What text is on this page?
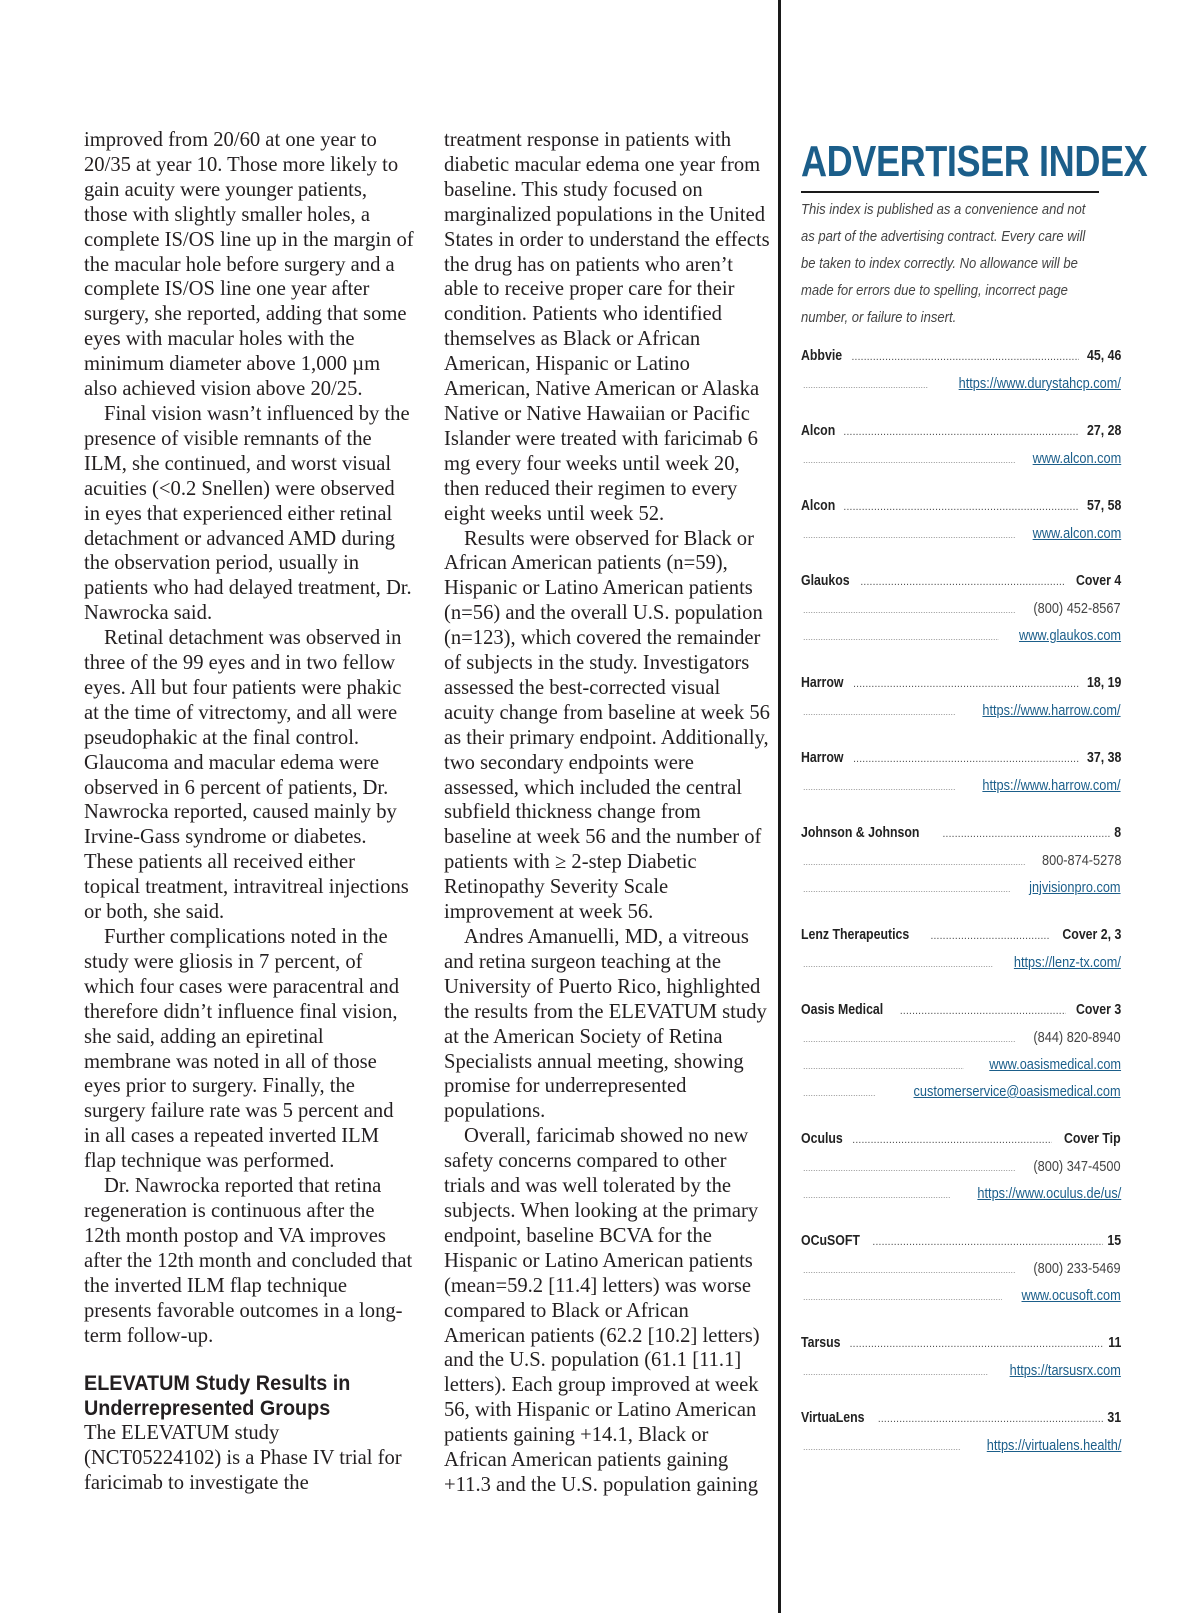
improved from 20/60 at one year to 20/35 at year 10. Those more likely to gain acuity were younger patients, those with slightly smaller holes, a complete IS/OS line up in the margin of the macular hole before surgery and a complete IS/OS line one year after surgery, she reported, adding that some eyes with macular holes with the minimum diameter above 1,000 µm also achieved vision above 20/25.

Final vision wasn’t influenced by the presence of visible remnants of the ILM, she continued, and worst visual acuities (<0.2 Snellen) were observed in eyes that experienced either retinal detachment or advanced AMD during the observation period, usually in patients who had delayed treatment, Dr. Nawrocka said.

Retinal detachment was observed in three of the 99 eyes and in two fellow eyes. All but four patients were phakic at the time of vitrectomy, and all were pseudophakic at the final control. Glaucoma and macular edema were observed in 6 percent of patients, Dr. Nawrocka reported, caused mainly by Irvine-Gass syndrome or diabetes. These patients all received either topical treatment, intravitreal injections or both, she said.

Further complications noted in the study were gliosis in 7 percent, of which four cases were paracentral and therefore didn’t influence final vision, she said, adding an epiretinal membrane was noted in all of those eyes prior to surgery. Finally, the surgery failure rate was 5 percent and in all cases a repeated inverted ILM flap technique was performed.

Dr. Nawrocka reported that retina regeneration is continuous after the 12th month postop and VA improves after the 12th month and concluded that the inverted ILM flap technique presents favorable outcomes in a long-term follow-up.

ELEVATUM Study Results in
Underrepresented Groups

The ELEVATUM study (NCT05224102) is a Phase IV trial for faricimab to investigate the

treatment response in patients with diabetic macular edema one year from baseline. This study focused on marginalized populations in the United States in order to understand the effects the drug has on patients who aren’t able to receive proper care for their condition. Patients who identified themselves as Black or African American, Hispanic or Latino American, Native American or Alaska Native or Native Hawaiian or Pacific Islander were treated with faricimab 6 mg every four weeks until week 20, then reduced their regimen to every eight weeks until week 52.

Results were observed for Black or African American patients (n=59), Hispanic or Latino American patients (n=56) and the overall U.S. population (n=123), which covered the remainder of subjects in the study. Investigators assessed the best-corrected visual acuity change from baseline at week 56 as their primary endpoint. Additionally, two secondary endpoints were assessed, which included the central subfield thickness change from baseline at week 56 and the number of patients with ≥ 2-step Diabetic Retinopathy Severity Scale improvement at week 56.

Andres Amanuelli, MD, a vitreous and retina surgeon teaching at the University of Puerto Rico, highlighted the results from the ELEVATUM study at the American Society of Retina Specialists annual meeting, showing promise for underrepresented populations.

Overall, faricimab showed no new safety concerns compared to other trials and was well tolerated by the subjects. When looking at the primary endpoint, baseline BCVA for the Hispanic or Latino American patients (mean=59.2 [11.4] letters) was worse compared to Black or African American patients (62.2 [10.2] letters) and the U.S. population (61.1 [11.1] letters). Each group improved at week 56, with Hispanic or Latino American patients gaining +14.1, Black or African American patients gaining +11.3 and the U.S. population gaining

ADVERTISER INDEX
This index is published as a convenience and not as part of the advertising contract. Every care will be taken to index correctly. No allowance will be made for errors due to spelling, incorrect page number, or failure to insert.
Abbvie .....	45, 46
.....
https://www.durystahcp.com/
Alcon .....	27, 28
.....
www.alcon.com
Alcon .....	57, 58
.....
www.alcon.com
Glaukos .....	Cover 4
.....
(800) 452-8567
.....
www.glaukos.com
Harrow .....	18, 19
.....
https://www.harrow.com/
Harrow .....	37, 38
.....
https://www.harrow.com/
Johnson & Johnson .....	8
.....
800-874-5278
.....
jnjvisionpro.com
Lenz Therapeutics .....	Cover 2, 3
.....
https://lenz-tx.com/
Oasis Medical .....	Cover 3
.....
(844) 820-8940
.....
www.oasismedical.com
.....
customerservice@oasismedical.com
Oculus .....	Cover Tip
.....
(800) 347-4500
.....
https://www.oculus.de/us/
OCuSOFT .....	15
.....
(800) 233-5469
.....
www.ocusoft.com
Tarsus .....	11
.....
https://tarsusrx.com
VirtuaLens .....	31
.....
https://virtualens.health/
